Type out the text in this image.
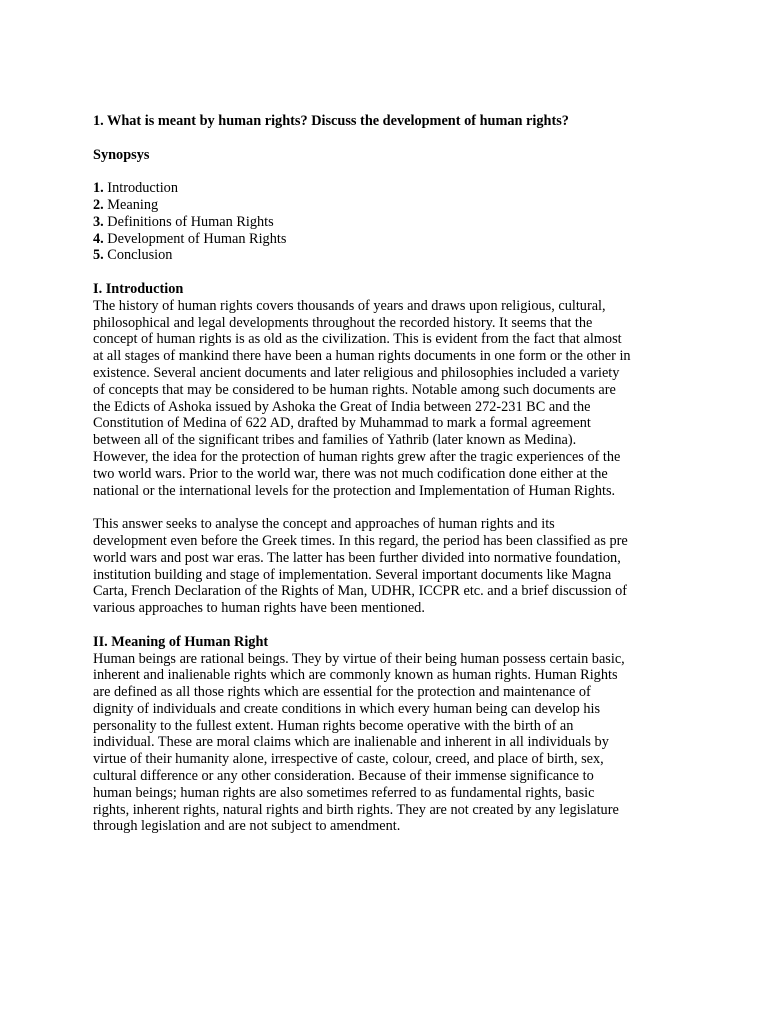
1. What is meant by human rights? Discuss the development of human rights?

Synopsys

1. Introduction
2. Meaning
3. Definitions of Human Rights
4. Development of Human Rights
5. Conclusion

I. Introduction

The history of human rights covers thousands of years and draws upon religious, cultural,
philosophical and legal developments throughout the recorded history. It seems that the
concept of human rights is as old as the civilization. This is evident from the fact that almost
at all stages of mankind there have been a human rights documents in one form or the other in
existence. Several ancient documents and later religious and philosophies included a variety
of concepts that may be considered to be human rights. Notable among such documents are
the Edicts of Ashoka issued by Ashoka the Great of India between 272-231 BC and the
Constitution of Medina of 622 AD, drafted by Muhammad to mark a formal agreement
between all of the significant tribes and families of Yathrib (later known as Medina).
However, the idea for the protection of human rights grew after the tragic experiences of the
two world wars. Prior to the world war, there was not much codification done either at the
national or the international levels for the protection and Implementation of Human Rights.

This answer seeks to analyse the concept and approaches of human rights and its
development even before the Greek times. In this regard, the period has been classified as pre
world wars and post war eras. The latter has been further divided into normative foundation,
institution building and stage of implementation. Several important documents like Magna
Carta, French Declaration of the Rights of Man, UDHR, ICCPR etc. and a brief discussion of
various approaches to human rights have been mentioned.

II. Meaning of Human Right

Human beings are rational beings. They by virtue of their being human possess certain basic,
inherent and inalienable rights which are commonly known as human rights. Human Rights
are defined as all those rights which are essential for the protection and maintenance of
dignity of individuals and create conditions in which every human being can develop his
personality to the fullest extent. Human rights become operative with the birth of an
individual. These are moral claims which are inalienable and inherent in all individuals by
virtue of their humanity alone, irrespective of caste, colour, creed, and place of birth, sex,
cultural difference or any other consideration. Because of their immense significance to
human beings; human rights are also sometimes referred to as fundamental rights, basic
rights, inherent rights, natural rights and birth rights. They are not created by any legislature
through legislation and are not subject to amendment.
